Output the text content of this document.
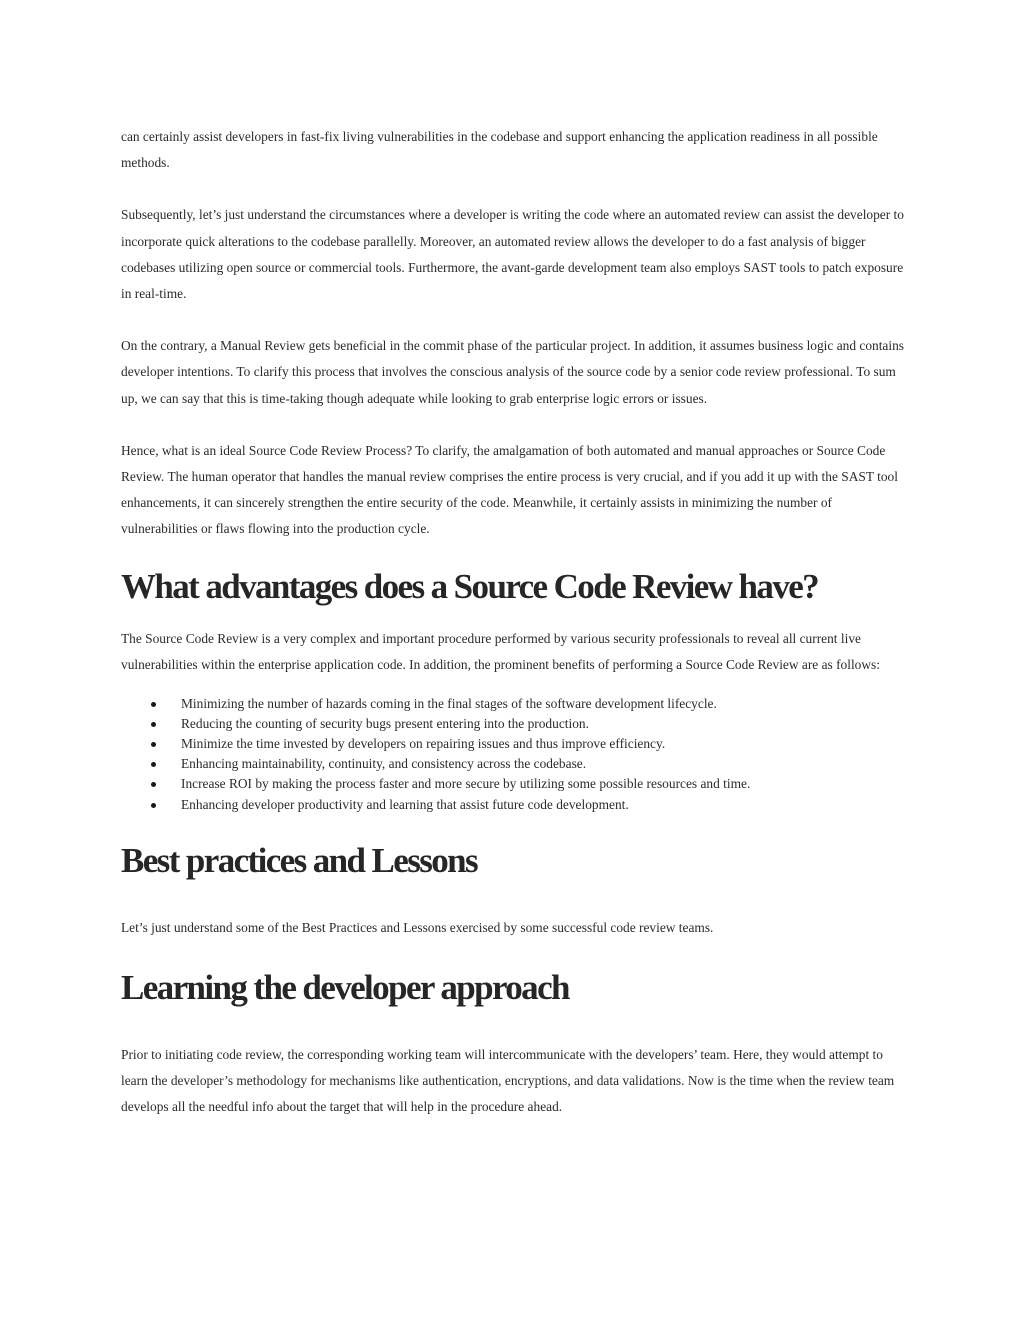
can certainly assist developers in fast-fix living vulnerabilities in the codebase and support enhancing the application readiness in all possible methods.

Subsequently, let’s just understand the circumstances where a developer is writing the code where an automated review can assist the developer to incorporate quick alterations to the codebase parallelly. Moreover, an automated review allows the developer to do a fast analysis of bigger codebases utilizing open source or commercial tools. Furthermore, the avant-garde development team also employs SAST tools to patch exposure in real-time.

On the contrary, a Manual Review gets beneficial in the commit phase of the particular project. In addition, it assumes business logic and contains developer intentions. To clarify this process that involves the conscious analysis of the source code by a senior code review professional. To sum up, we can say that this is time-taking though adequate while looking to grab enterprise logic errors or issues.

Hence, what is an ideal Source Code Review Process? To clarify, the amalgamation of both automated and manual approaches or Source Code Review. The human operator that handles the manual review comprises the entire process is very crucial, and if you add it up with the SAST tool enhancements, it can sincerely strengthen the entire security of the code. Meanwhile, it certainly assists in minimizing the number of vulnerabilities or flaws flowing into the production cycle.

What advantages does a Source Code Review have?

The Source Code Review is a very complex and important procedure performed by various security professionals to reveal all current live vulnerabilities within the enterprise application code. In addition, the prominent benefits of performing a Source Code Review are as follows:

Minimizing the number of hazards coming in the final stages of the software development lifecycle.
Reducing the counting of security bugs present entering into the production.
Minimize the time invested by developers on repairing issues and thus improve efficiency.
Enhancing maintainability, continuity, and consistency across the codebase.
Increase ROI by making the process faster and more secure by utilizing some possible resources and time.
Enhancing developer productivity and learning that assist future code development.
Best practices and Lessons

Let’s just understand some of the Best Practices and Lessons exercised by some successful code review teams.

Learning the developer approach

Prior to initiating code review, the corresponding working team will intercommunicate with the developers’ team. Here, they would attempt to learn the developer’s methodology for mechanisms like authentication, encryptions, and data validations. Now is the time when the review team develops all the needful info about the target that will help in the procedure ahead.
